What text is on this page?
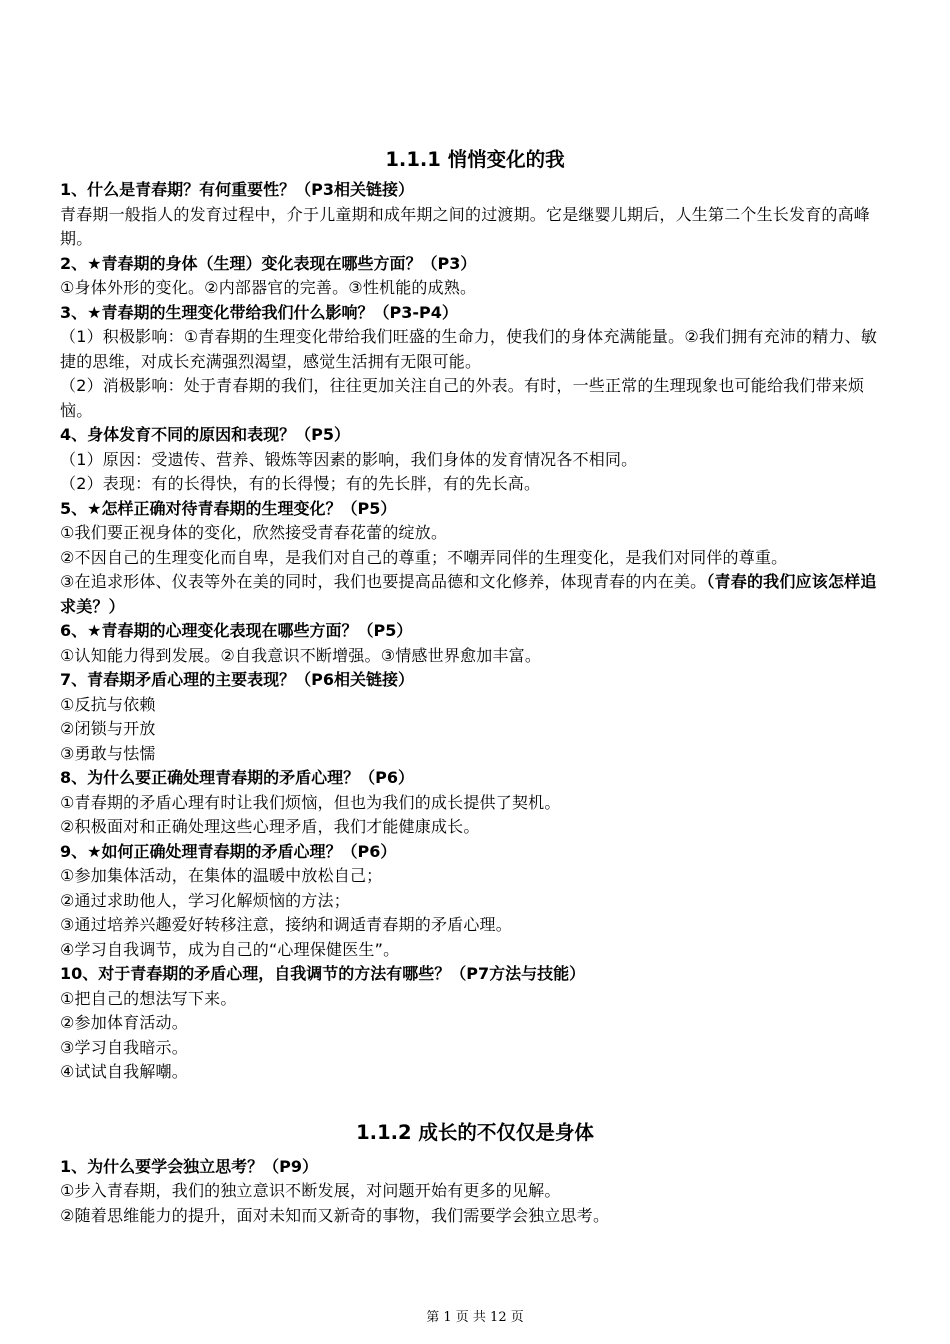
1.1.1 悄悄变化的我
1、什么是青春期？有何重要性？（P3相关链接）
青春期一般指人的发育过程中，介于儿童期和成年期之间的过渡期。它是继婴儿期后，人生第二个生长发育的高峰期。
2、★青春期的身体（生理）变化表现在哪些方面？（P3）
①身体外形的变化。②内部器官的完善。③性机能的成熟。
3、★青春期的生理变化带给我们什么影响？（P3-P4）
（1）积极影响：①青春期的生理变化带给我们旺盛的生命力，使我们的身体充满能量。②我们拥有充沛的精力、敏捷的思维，对成长充满强烈渴望，感觉生活拥有无限可能。
（2）消极影响：处于青春期的我们，往往更加关注自己的外表。有时，一些正常的生理现象也可能给我们带来烦恼。
4、身体发育不同的原因和表现？（P5）
（1）原因：受遗传、营养、锻炼等因素的影响，我们身体的发育情况各不相同。
（2）表现：有的长得快，有的长得慢；有的先长胖，有的先长高。
5、★怎样正确对待青春期的生理变化？（P5）
①我们要正视身体的变化，欣然接受青春花蕾的绽放。
②不因自己的生理变化而自卑，是我们对自己的尊重；不嘲弄同伴的生理变化，是我们对同伴的尊重。
③在追求形体、仪表等外在美的同时，我们也要提高品德和文化修养，体现青春的内在美。（青春的我们应该怎样追求美？）
6、★青春期的心理变化表现在哪些方面？（P5）
①认知能力得到发展。②自我意识不断增强。③情感世界愈加丰富。
7、青春期矛盾心理的主要表现？（P6相关链接）
①反抗与依赖
②闭锁与开放
③勇敢与怯懦
8、为什么要正确处理青春期的矛盾心理？（P6）
①青春期的矛盾心理有时让我们烦恼，但也为我们的成长提供了契机。
②积极面对和正确处理这些心理矛盾，我们才能健康成长。
9、★如何正确处理青春期的矛盾心理？（P6）
①参加集体活动，在集体的温暖中放松自己；
②通过求助他人，学习化解烦恼的方法；
③通过培养兴趣爱好转移注意，接纳和调适青春期的矛盾心理。
④学习自我调节，成为自己的“心理保健医生”。
10、对于青春期的矛盾心理，自我调节的方法有哪些？（P7方法与技能）
①把自己的想法写下来。
②参加体育活动。
③学习自我暗示。
④试试自我解嘲。
1.1.2 成长的不仅仅是身体
1、为什么要学会独立思考？（P9）
①步入青春期，我们的独立意识不断发展，对问题开始有更多的见解。
②随着思维能力的提升，面对未知而又新奇的事物，我们需要学会独立思考。
第 1 页 共 12 页
